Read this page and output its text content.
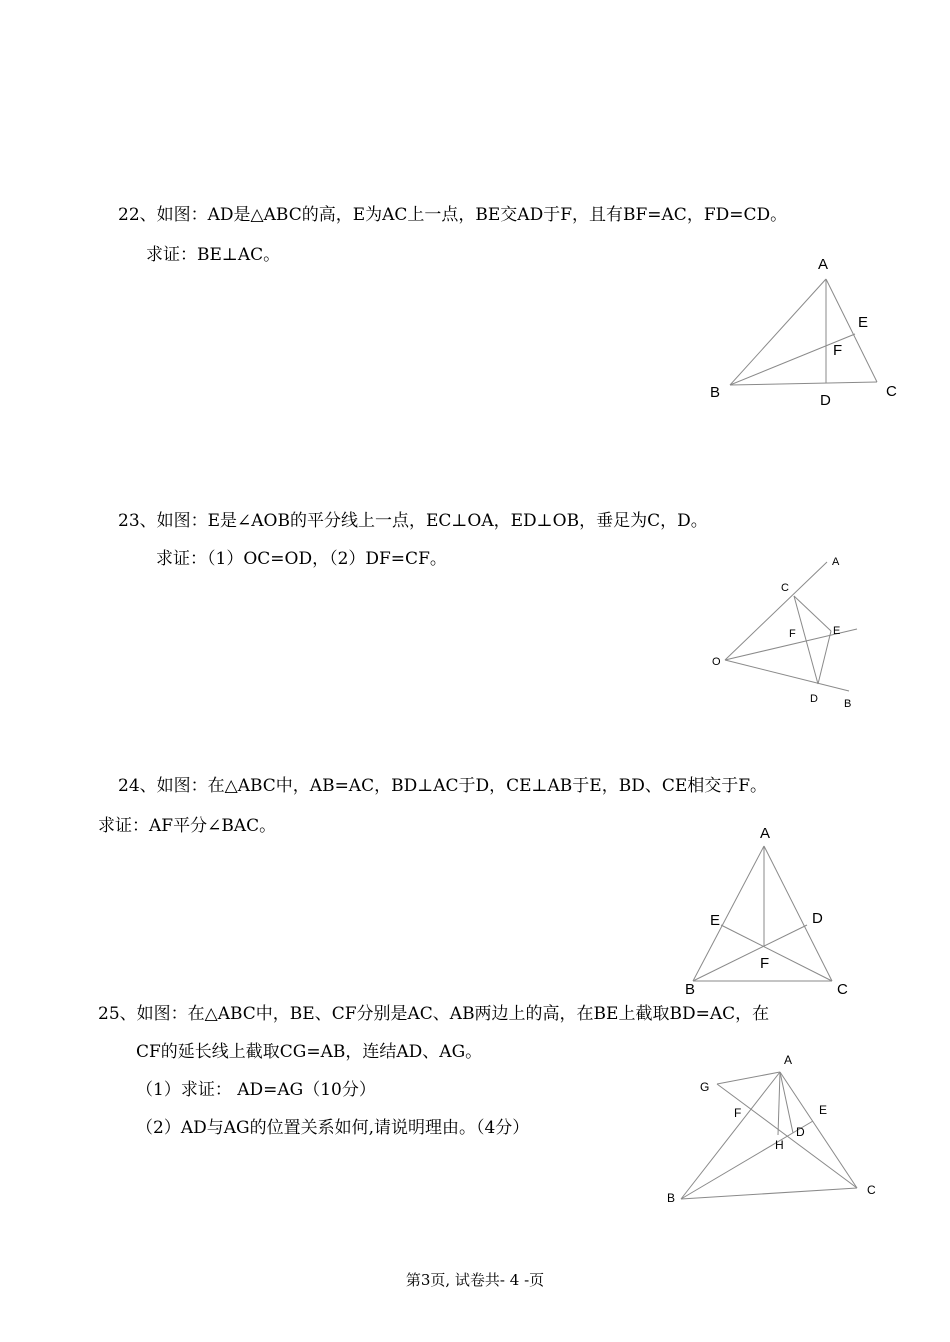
22、如图：AD是△ABC的高，E为AC上一点，BE交AD于F，且有BF=AC，FD=CD。
求证：BE⊥AC。	A
B	C
D
E
F
23、如图：E是∠AOB的平分线上一点，EC⊥OA，ED⊥OB，垂足为C，D。
求证：（1）OC=OD，（2）DF=CF。	A
B
C
D
E
F
O
24、如图：在△ABC中，AB=AC，BD⊥AC于D，CE⊥AB于E，BD、CE相交于F。
求证：AF平分∠BAC。	A
B	C
D
E
F
25、如图：在△ABC中，BE、CF分别是AC、AB两边上的高，在BE上截取BD=AC，在
CF的延长线上截取CG=AB，连结AD、AG。
（1）求证： AD=AG（10分）
（2）AD与AG的位置关系如何,请说明理由。（4分）
A
B
C
D
E
F
G
H
第3页, 试卷共- 4 -页
